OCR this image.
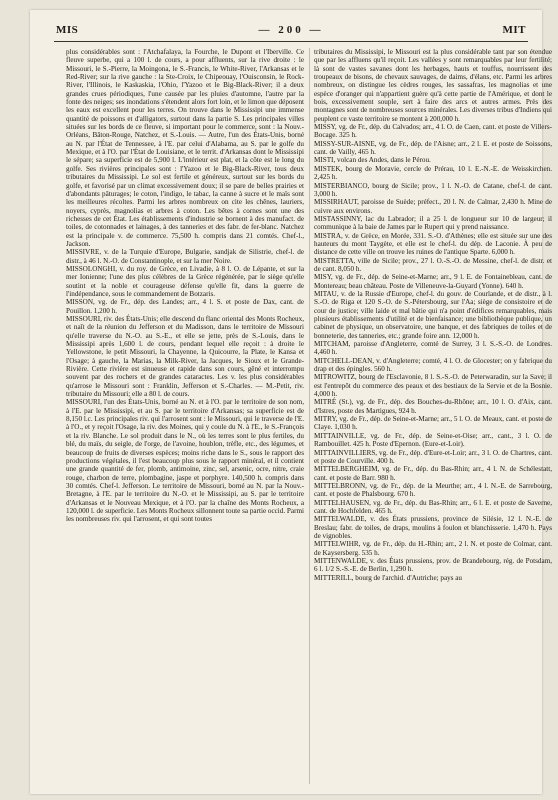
MIS	— 200 —	MIT

plus considérables sont : l'Atchafalaya, la Fourche, le Dupont et l'Iberville. Ce fleuve superbe, qui a 100 l. de cours, a pour affluents, sur la rive droite : le Missouri, le S.-Pierre, la Moingona, le S.-Francis, le White-River, l'Arkansas et le Red-River; sur la rive gauche : la Ste-Croix, le Chipeouay, l'Ouisconsin, le Rock-River, l'Illinois, le Kaskaskia, l'Ohio, l'Yazoo et le Big-Black-River; il a deux grandes crues périodiques, l'une causée par les pluies d'automne, l'autre par la fonte des neiges; ses inondations s'étendent alors fort loin, et le limon que déposent les eaux est excellent pour les terres. On trouve dans le Mississipi une immense quantité de poissons et d'alligators, surtout dans la partie S. Les principales villes situées sur les bords de ce fleuve, si important pour le commerce, sont : la Nouv.-Orléans, Bâton-Rouge, Natchez, et S.-Louis. — Autre, l'un des États-Unis, borné au N. par l'État de Tennessee, à l'E. par celui d'Alabama, au S. par le golfe du Mexique, et à l'O. par l'État de Louisiane, et le territ. d'Arkansas dont le Mississipi le sépare; sa superficie est de 5,900 l. L'intérieur est plat, et la côte est le long du golfe. Ses rivières principales sont : l'Yazoo et le Big-Black-River, tous deux tributaires du Mississipi. Le sol est fertile et généreux, surtout sur les bords du golfe, et favorisé par un climat excessivement doux; il se pare de belles prairies et d'abondants pâturages; le coton, l'indigo, le tabac, la canne à sucre et le maïs sont les meilleures récoltes. Parmi les arbres nombreux on cite les chênes, lauriers, noyers, cyprès, magnolias et arbres à coton. Les bêtes à cornes sont une des richesses de cet État. Les établissements d'industrie se bornent à des manufact. de toiles, de cotonnades et lainages, à des tanneries et des fabr. de fer-blanc. Natchez est la principale v. de commerce. 75,500 h. compris dans 21 comtés. Chef-l., Jackson.

MISSIVRE, v. de la Turquie d'Europe, Bulgarie, sandjak de Silistrie, chef-l. de distr., à 46 l. N.-O. de Constantinople, et sur la mer Noire.

MISSOLONGHI, v. du roy. de Grèce, en Livadie, à 8 l. O. de Lépante, et sur la mer Ionienne; l'une des plus célèbres de la Grèce régénérée, par le siège qu'elle soutint et la noble et courageuse défense qu'elle fit, dans la guerre de l'indépendance, sous le commandement de Botzaris.

MISSON, vg. de Fr., dép. des Landes; arr., 4 l. S. et poste de Dax, cant. de Pouillon. 1,200 h.

MISSOURI, riv. des États-Unis; elle descend du flanc oriental des Monts Rocheux, et naît de la réunion du Jefferson et du Madisson, dans le territoire de Missouri qu'elle traverse du N.-O. au S.-E., et elle se jette, près de S.-Louis, dans le Mississipi après 1,600 l. de cours, pendant lequel elle reçoit : à droite le Yellowstone, le petit Missouri, la Chayenne, la Quicourre, la Plate, le Kansa et l'Osage; à gauche, la Marias, la Milk-River, la Jacques, le Sioux et le Grande-Rivière. Cette rivière est sinueuse et rapide dans son cours, gêné et interrompu souvent par des rochers et de grandes cataractes. Les v. les plus considérables qu'arrose le Missouri sont : Franklin, Jefferson et S.-Charles. — M.-Petit, riv. tributaire du Missouri; elle a 80 l. de cours.

MISSOURI, l'un des États-Unis, borné au N. et à l'O. par le territoire de son nom, à l'E. par le Mississipi, et au S. par le territoire d'Arkansas; sa superficie est de 8,150 l.c. Les principales riv. qui l'arrosent sont : le Missouri, qui le traverse de l'E. à l'O., et y reçoit l'Osage, la riv. des Moines, qui y coule du N. à l'E., le S.-François et la riv. Blanche. Le sol produit dans le N., où les terres sont le plus fertiles, du blé, du maïs, du seigle, de l'orge, de l'avoine, houblon, trèfle, etc., des légumes, et beaucoup de fruits de diverses espèces; moins riche dans le S., sous le rapport des productions végétales, il l'est beaucoup plus sous le rapport minéral, et il contient une grande quantité de fer, plomb, antimoine, zinc, sel, arsenic, ocre, nitre, craie rouge, charbon de terre, plombagine, jaspe et porphyre. 140,500 h. compris dans 30 comtés. Chef-l. Jefferson. Le territoire de Missouri, borné au N. par la Nouv.-Bretagne, à l'E. par le territoire du N.-O. et le Mississipi, au S. par le territoire d'Arkansas et le Nouveau Mexique, et à l'O. par la chaîne des Monts Rocheux, a 120,000 l. de superficie. Les Monts Rocheux sillonnent toute sa partie occid. Parmi les nombreuses riv. qui l'arrosent, et qui sont toutes

tributaires du Mississipi, le Missouri est la plus considérable tant par son étendue que par les affluens qu'il reçoit. Les vallées y sont remarquables par leur fertilité; là sont de vastes savanes dont les herbages, hauts et touffus, nourrissent des troupeaux de bisons, de chevaux sauvages, de daims, d'élans, etc. Parmi les arbres nombreux, on distingue les cèdres rouges, les sassafras, les magnolias et une espèce d'oranger qui n'appartient guère qu'à cette partie de l'Amérique, et dont le bois, excessivement souple, sert à faire des arcs et autres armes. Près des montagnes sont de nombreuses sources minérales. Les diverses tribus d'Indiens qui peuplent ce vaste territoire se montent à 200,000 h.

MISSY, vg. de Fr., dép. du Calvados; arr., 4 l. O. de Caen, cant. et poste de Villers-Bocage. 325 h.

MISSY-SUR-AISNE, vg. de Fr., dép. de l'Aisne; arr., 2 l. E. et poste de Soissons, cant. de Vailly, 465 h.

MISTI, volcan des Andes, dans le Pérou.

MISTEK, bourg de Moravie, cercle de Prérau, 10 l. E.-N.-E. de Weisskirchen. 2,425 h.

MISTERBIANCO, bourg de Sicile; prov., 1 l. N.-O. de Catane, chef-l. de cant. 3,000 h.

MISSIRHAUT, paroisse de Suède; préfect., 20 l. N. de Calmar, 2,430 h. Mine de cuivre aux environs.

MISTASSINNY, lac du Labrador; il a 25 l. de longueur sur 10 de largeur; il communique à la baie de James par le Rupert qui y prend naissance.

MISTRA, v. de Grèce, en Morée, 331. S.-O. d'Athènes; elle est située sur une des hauteurs du mont Taygète, et elle est le chef-l. du dép. de Laconie. À peu de distance de cette ville on trouve les ruines de l'antique Sparte. 6,000 h.

MISTRETTA, ville de Sicile; prov., 27 l. O.-S.-O. de Messine, chef-l. de distr. et de cant. 8,050 h.

MISY, vg. de Fr., dép. de Seine-et-Marne; arr., 9 l. E. de Fontainebleau, cant. de Montereau; beau château. Poste de Villeneuve-la-Guyard (Yonne). 640 h.

MITAU, v. de la Russie d'Europe, chef-l. du gouv. de Courlande, et de distr., à l. S.-O. de Riga et 120 S.-O. de S.-Pétersbourg, sur l'Aa; siège de consistoire et de cour de justice; ville laide et mal bâtie qui n'a point d'édifices remarquables, mais plusieurs établissements d'utilité et de bienfaisance; une bibliothèque publique, un cabinet de physique, un observatoire, une banque, et des fabriques de toiles et de bonneterie, des tanneries, etc.; grande foire ann. 12,000 h.

MITCHAM, paroisse d'Angleterre, comté de Surrey, 3 l. S.-S.-O. de Londres. 4,460 h.

MITCHELL-DEAN, v. d'Angleterre; comté, 4 l. O. de Glocester; on y fabrique du drap et des épingles. 560 h.

MITROWITZ, bourg de l'Esclavonie, 8 l. S.-S.-O. de Peterwaradin, sur la Save; il est l'entrepôt du commerce des peaux et des bestiaux de la Servie et de la Bosnie. 4,000 h.

MITRÉ (St.), vg. de Fr., dép. des Bouches-du-Rhône; arr., 10 l. O. d'Aix, cant. d'Istres, poste des Martigues, 924 h.

MITRY, vg. de Fr., dép. de Seine-et-Marne; arr., 5 l. O. de Meaux, cant. et poste de Claye. 1,030 h.

MITTAINVILLE, vg. de Fr., dép. de Seine-et-Oise; arr., cant., 3 l. O. de Rambouillet. 425 h. Poste d'Epernon. (Eure-et-Loir).

MITTAINVILLIERS, vg. de Fr., dép. d'Eure-et-Loir; arr., 3 l. O. de Chartres, cant. et poste de Courville. 400 h.

MITTELBERGHEIM, vg. de Fr., dép. du Bas-Rhin; arr., 4 l. N. de Schélestatt, cant. et poste de Barr. 980 h.

MITTELBRONN, vg. de Fr., dép. de la Meurthe; arr., 4 l. N.-E. de Sarrebourg, cant. et poste de Phalsbourg. 670 h.

MITTELHAUSEN, vg. de Fr., dép. du Bas-Rhin; arr., 6 l. E. et poste de Saverne, cant. de Hochfelden. 465 h.

MITTELWALDE, v. des États prussiens, province de Silésie, 12 l. N.-E. de Breslau; fabr. de toiles, de draps, moulins à foulon et blanchisserie. 1,470 h. Pays de vignobles.

MITTELWIHR, vg. de Fr., dép. du H.-Rhin; arr., 2 l. N. et poste de Colmar, cant. de Kaysersberg. 535 h.

MITTENWALDE, v. des États prussiens, prov. de Brandebourg, rég. de Potsdam, 6 l. 1/2 S.-S.-E. de Berlin, 1,290 h.

MITTERILL, bourg de l'archid. d'Autriche; pays au
